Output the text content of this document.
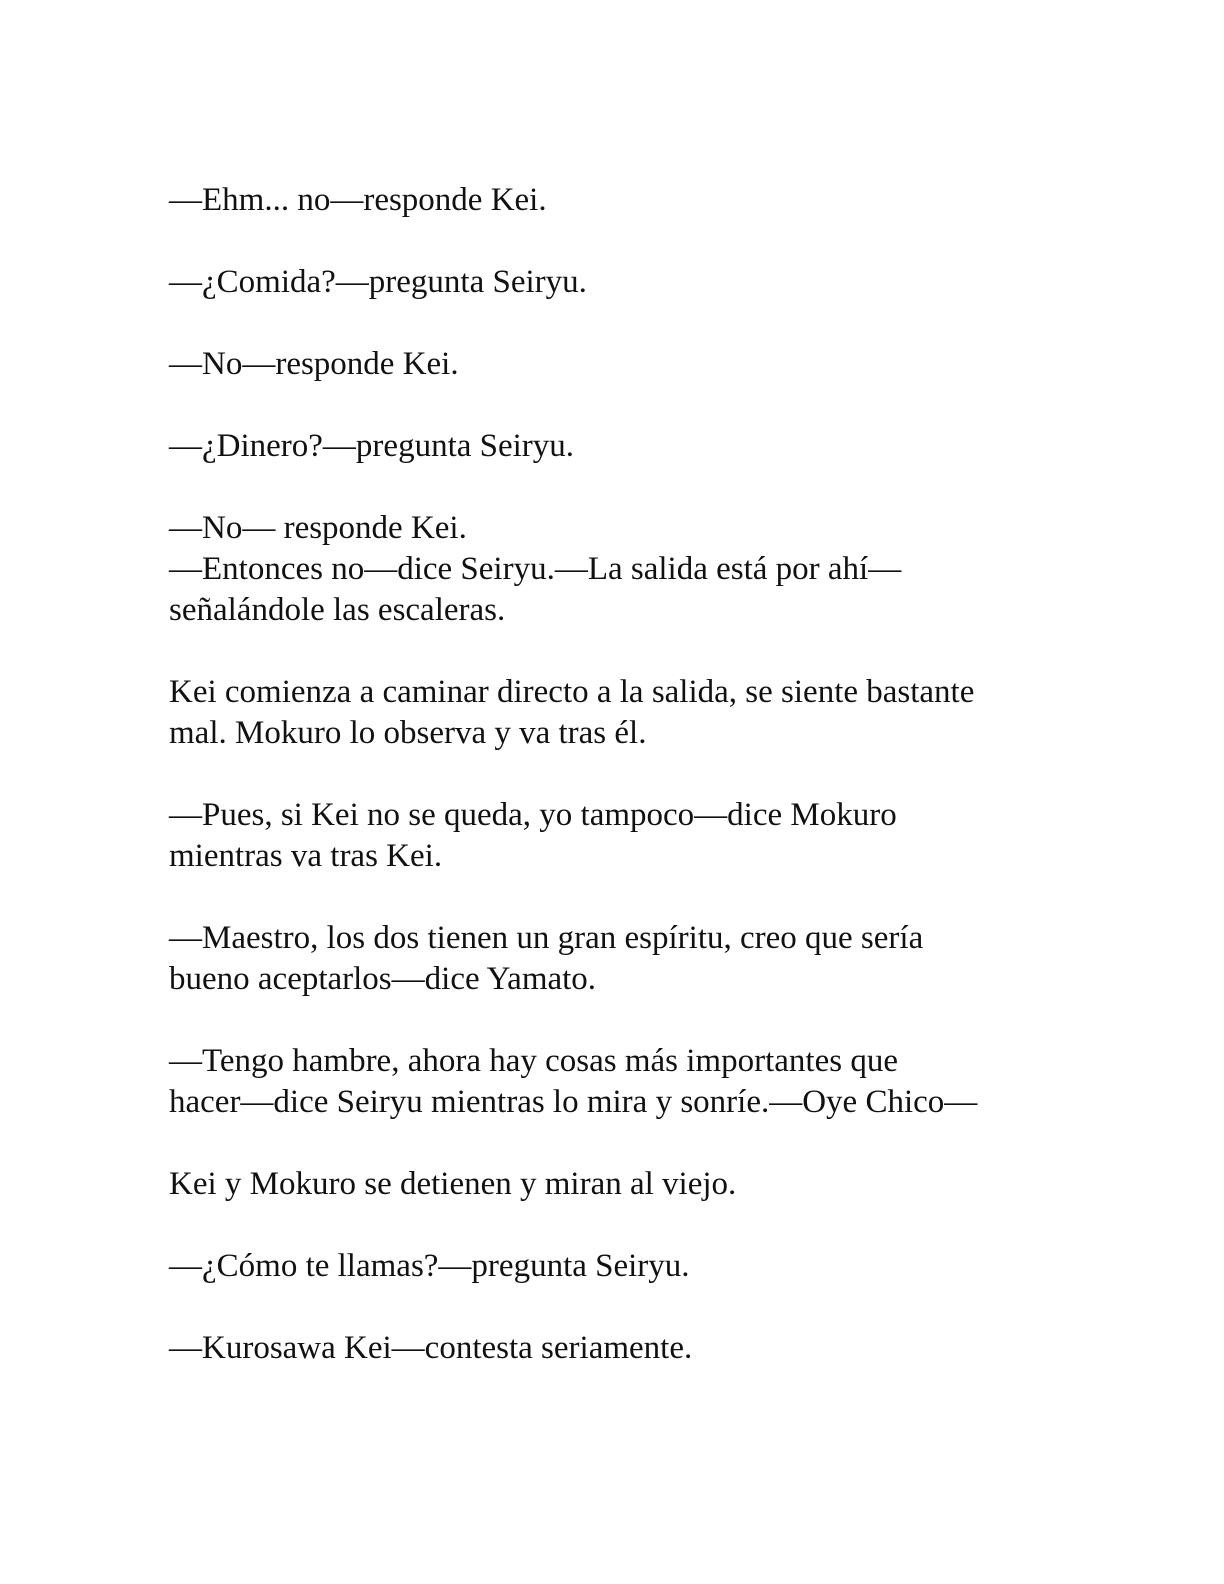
—Ehm... no—responde Kei.

—¿Comida?—pregunta Seiryu.

—No—responde Kei.

—¿Dinero?—pregunta Seiryu.

—No— responde Kei.

—Entonces no—dice Seiryu.—La salida está por ahí—
señalándole las escaleras.

Kei comienza a caminar directo a la salida, se siente bastante
mal. Mokuro lo observa y va tras él.

—Pues, si Kei no se queda, yo tampoco—dice Mokuro
mientras va tras Kei.

—Maestro, los dos tienen un gran espíritu, creo que sería
bueno aceptarlos—dice Yamato.

—Tengo hambre, ahora hay cosas más importantes que
hacer—dice Seiryu mientras lo mira y sonríe.—Oye Chico—

Kei y Mokuro se detienen y miran al viejo.

—¿Cómo te llamas?—pregunta Seiryu.

—Kurosawa Kei—contesta seriamente.
